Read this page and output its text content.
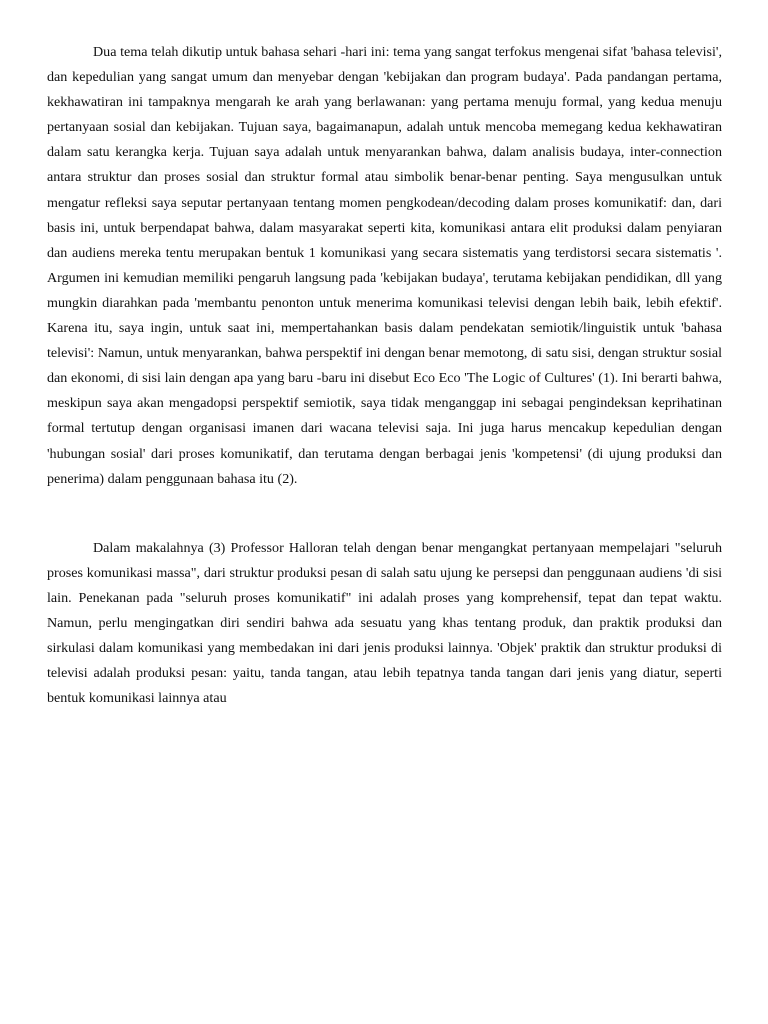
Dua tema telah dikutip untuk bahasa sehari -hari ini: tema yang sangat terfokus mengenai sifat 'bahasa televisi', dan kepedulian yang sangat umum dan menyebar dengan 'kebijakan dan program budaya'. Pada pandangan pertama, kekhawatiran ini tampaknya mengarah ke arah yang berlawanan: yang pertama menuju formal, yang kedua menuju pertanyaan sosial dan kebijakan. Tujuan saya, bagaimanapun, adalah untuk mencoba memegang kedua kekhawatiran dalam satu kerangka kerja. Tujuan saya adalah untuk menyarankan bahwa, dalam analisis budaya, inter-connection antara struktur dan proses sosial dan struktur formal atau simbolik benar-benar penting. Saya mengusulkan untuk mengatur refleksi saya seputar pertanyaan tentang momen pengkodean/decoding dalam proses komunikatif: dan, dari basis ini, untuk berpendapat bahwa, dalam masyarakat seperti kita, komunikasi antara elit produksi dalam penyiaran dan audiens mereka tentu merupakan bentuk 1 komunikasi yang secara sistematis yang terdistorsi secara sistematis '. Argumen ini kemudian memiliki pengaruh langsung pada 'kebijakan budaya', terutama kebijakan pendidikan, dll yang mungkin diarahkan pada 'membantu penonton untuk menerima komunikasi televisi dengan lebih baik, lebih efektif'. Karena itu, saya ingin, untuk saat ini, mempertahankan basis dalam pendekatan semiotik/linguistik untuk 'bahasa televisi': Namun, untuk menyarankan, bahwa perspektif ini dengan benar memotong, di satu sisi, dengan struktur sosial dan ekonomi, di sisi lain dengan apa yang baru -baru ini disebut Eco Eco 'The Logic of Cultures' (1). Ini berarti bahwa, meskipun saya akan mengadopsi perspektif semiotik, saya tidak menganggap ini sebagai pengindeksan keprihatinan formal tertutup dengan organisasi imanen dari wacana televisi saja. Ini juga harus mencakup kepedulian dengan 'hubungan sosial' dari proses komunikatif, dan terutama dengan berbagai jenis 'kompetensi' (di ujung produksi dan penerima) dalam penggunaan bahasa itu (2).

Dalam makalahnya (3) Professor Halloran telah dengan benar mengangkat pertanyaan mempelajari "seluruh proses komunikasi massa", dari struktur produksi pesan di salah satu ujung ke persepsi dan penggunaan audiens 'di sisi lain. Penekanan pada "seluruh proses komunikatif" ini adalah proses yang komprehensif, tepat dan tepat waktu. Namun, perlu mengingatkan diri sendiri bahwa ada sesuatu yang khas tentang produk, dan praktik produksi dan sirkulasi dalam komunikasi yang membedakan ini dari jenis produksi lainnya. 'Objek' praktik dan struktur produksi di televisi adalah produksi pesan: yaitu, tanda tangan, atau lebih tepatnya tanda tangan dari jenis yang diatur, seperti bentuk komunikasi lainnya atau
